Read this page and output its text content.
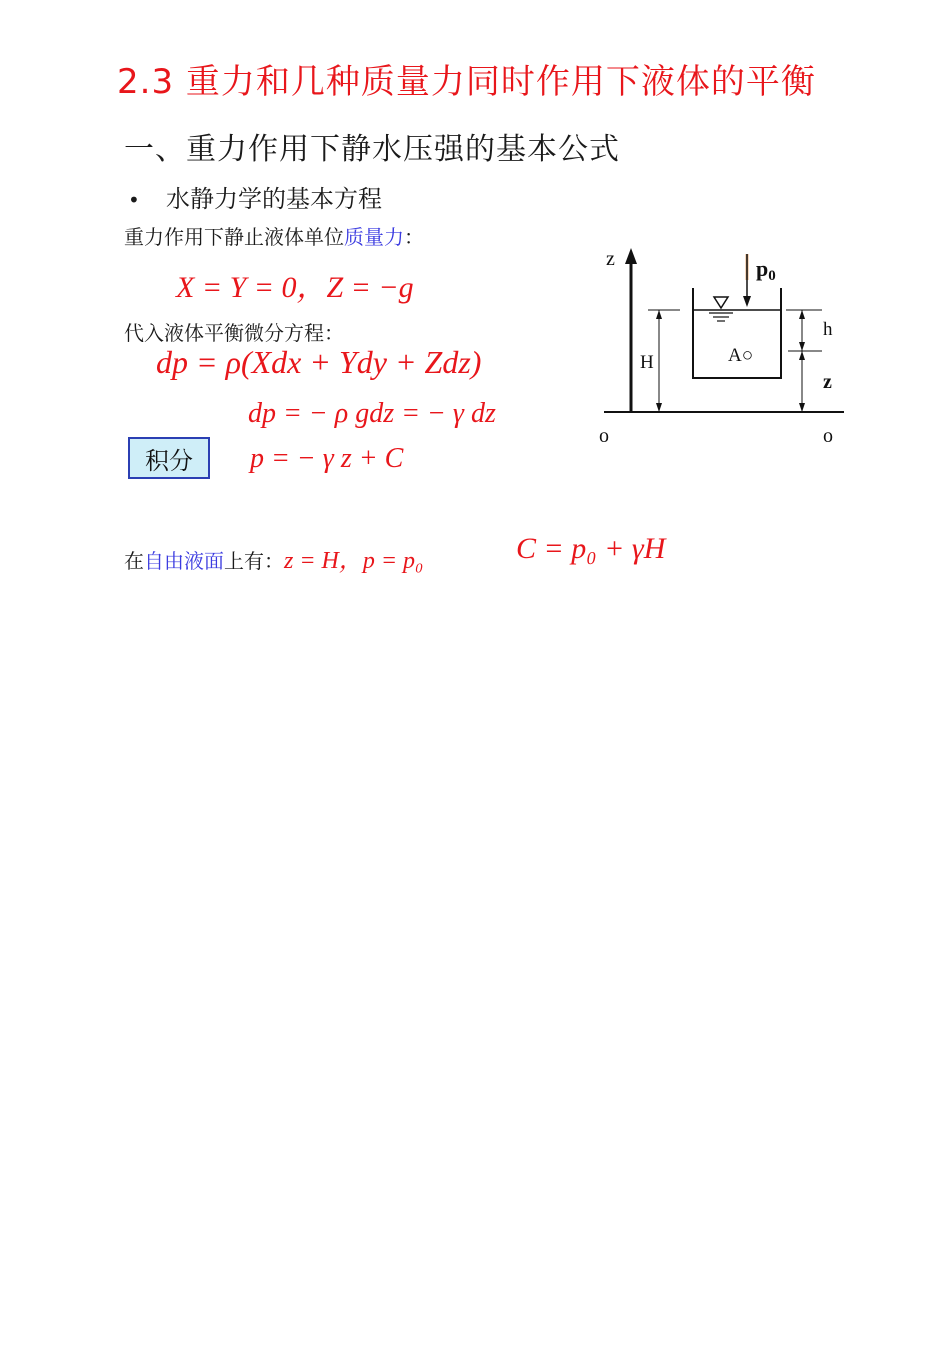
2.3 重力和几种质量力同时作用下液体的平衡
一、重力作用下静水压强的基本公式
• 水静力学的基本方程
重力作用下静止液体单位质量力：
X = Y = 0，Z = −g
代入液体平衡微分方程：
dp = ρ(Xdx + Ydy + Zdz)
dp = − ρ gdz = − γ dz
积分	p = − γ z + C
在自由液面上有：z = H，p = p₀	C = p₀ + γH
z	p0
H	A○
h
z
o	o
